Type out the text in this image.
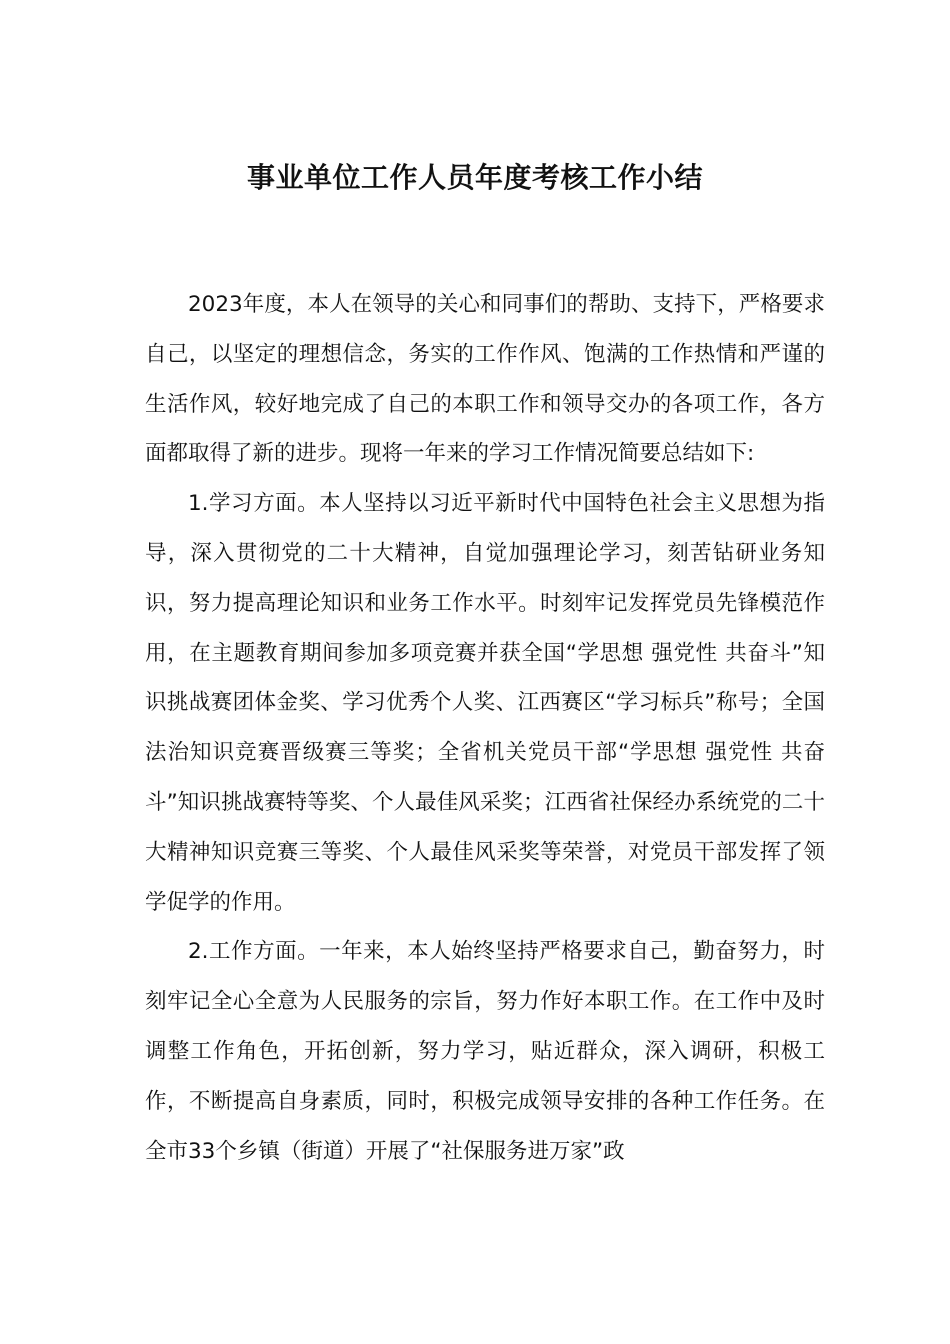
事业单位工作人员年度考核工作小结

2023年度，本人在领导的关心和同事们的帮助、支持下，严格要求自己，以坚定的理想信念，务实的工作作风、饱满的工作热情和严谨的生活作风，较好地完成了自己的本职工作和领导交办的各项工作，各方面都取得了新的进步。现将一年来的学习工作情况简要总结如下:

1.学习方面。本人坚持以习近平新时代中国特色社会主义思想为指导，深入贯彻党的二十大精神，自觉加强理论学习，刻苦钻研业务知识，努力提高理论知识和业务工作水平。时刻牢记发挥党员先锋模范作用，在主题教育期间参加多项竞赛并获全国“学思想 强党性 共奋斗”知识挑战赛团体金奖、学习优秀个人奖、江西赛区“学习标兵”称号；全国法治知识竞赛晋级赛三等奖；全省机关党员干部“学思想 强党性 共奋斗”知识挑战赛特等奖、个人最佳风采奖；江西省社保经办系统党的二十大精神知识竞赛三等奖、个人最佳风采奖等荣誉，对党员干部发挥了领学促学的作用。

2.工作方面。一年来，本人始终坚持严格要求自己，勤奋努力，时刻牢记全心全意为人民服务的宗旨，努力作好本职工作。在工作中及时调整工作角色，开拓创新，努力学习，贴近群众，深入调研，积极工作，不断提高自身素质，同时，积极完成领导安排的各种工作任务。在全市33个乡镇（街道）开展了“社保服务进万家”政
